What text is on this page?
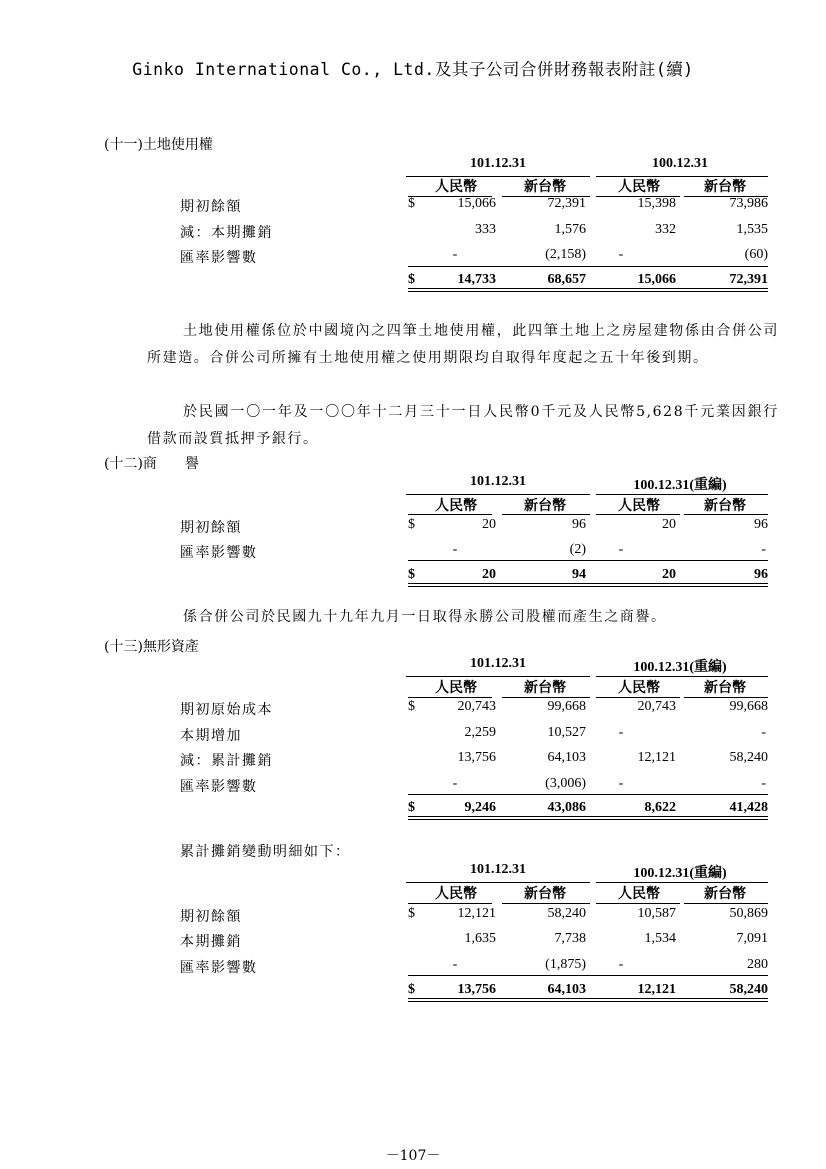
Ginko International Co., Ltd.及其子公司合併財務報表附註(續)
(十一)土地使用權
101.12.31	100.12.31
人民幣	新台幣	人民幣	新台幣
期初餘額	$	15,066	72,391	15,398	73,986
減：本期攤銷	333	1,576	332	1,535
匯率影響數	-	(2,158)	-	(60)
$	14,733	68,657	15,066	72,391
土地使用權係位於中國境內之四筆土地使用權，此四筆土地上之房屋建物係由合併公司所建造。合併公司所擁有土地使用權之使用期限均自取得年度起之五十年後到期。
於民國一〇一年及一〇〇年十二月三十一日人民幣0千元及人民幣5,628千元業因銀行借款而設質抵押予銀行。
(十二)商　　譽
101.12.31	100.12.31(重編)
人民幣	新台幣	人民幣	新台幣
期初餘額	$	20	96	20	96
匯率影響數	-	(2)	-	-
$	20	94	20	96
係合併公司於民國九十九年九月一日取得永勝公司股權而產生之商譽。
(十三)無形資產
101.12.31	100.12.31(重編)
人民幣	新台幣	人民幣	新台幣
期初原始成本	$	20,743	99,668	20,743	99,668
本期增加	2,259	10,527	-	-
減：累計攤銷	13,756	64,103	12,121	58,240
匯率影響數	-	(3,006)	-	-
$	9,246	43,086	8,622	41,428
累計攤銷變動明細如下：
101.12.31	100.12.31(重編)
人民幣	新台幣	人民幣	新台幣
期初餘額	$	12,121	58,240	10,587	50,869
本期攤銷	1,635	7,738	1,534	7,091
匯率影響數	-	(1,875)	-	280
$	13,756	64,103	12,121	58,240
－107－
